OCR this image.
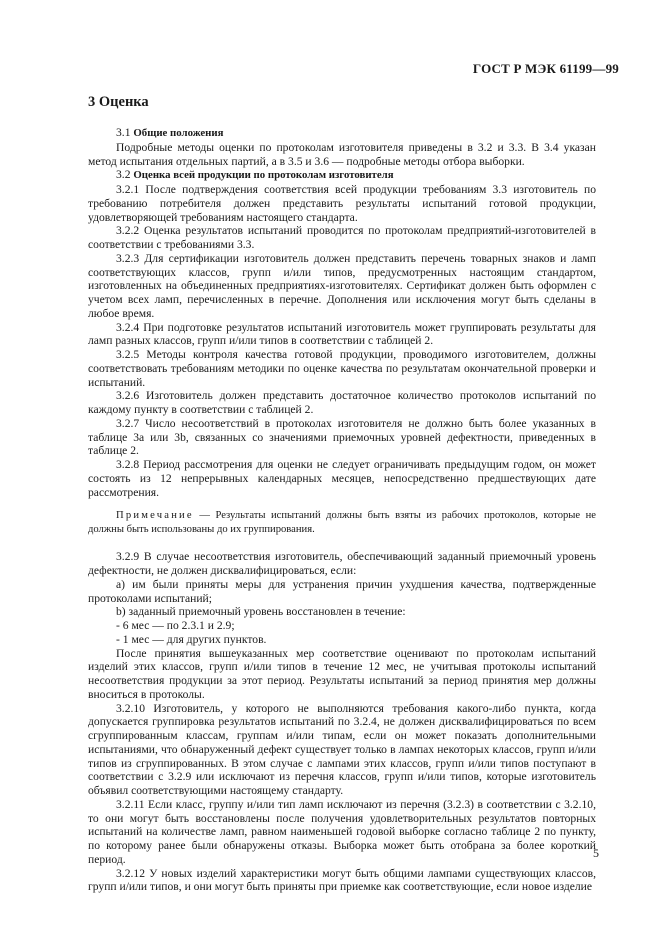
ГОСТ Р МЭК 61199—99
3 Оценка

3.1 Общие положения

Подробные методы оценки по протоколам изготовителя приведены в 3.2 и 3.3. В 3.4 указан метод испытания отдельных партий, а в 3.5 и 3.6 — подробные методы отбора выборки.

3.2 Оценка всей продукции по протоколам изготовителя

3.2.1 После подтверждения соответствия всей продукции требованиям 3.3 изготовитель по требованию потребителя должен представить результаты испытаний готовой продукции, удовлетворяющей требованиям настоящего стандарта.

3.2.2 Оценка результатов испытаний проводится по протоколам предприятий-изготовителей в соответствии с требованиями 3.3.

3.2.3 Для сертификации изготовитель должен представить перечень товарных знаков и ламп соответствующих классов, групп и/или типов, предусмотренных настоящим стандартом, изготовленных на объединенных предприятиях-изготовителях. Сертификат должен быть оформлен с учетом всех ламп, перечисленных в перечне. Дополнения или исключения могут быть сделаны в любое время.

3.2.4 При подготовке результатов испытаний изготовитель может группировать результаты для ламп разных классов, групп и/или типов в соответствии с таблицей 2.

3.2.5 Методы контроля качества готовой продукции, проводимого изготовителем, должны соответствовать требованиям методики по оценке качества по результатам окончательной проверки и испытаний.

3.2.6 Изготовитель должен представить достаточное количество протоколов испытаний по каждому пункту в соответствии с таблицей 2.

3.2.7 Число несоответствий в протоколах изготовителя не должно быть более указанных в таблице 3a или 3b, связанных со значениями приемочных уровней дефектности, приведенных в таблице 2.

3.2.8 Период рассмотрения для оценки не следует ограничивать предыдущим годом, он может состоять из 12 непрерывных календарных месяцев, непосредственно предшествующих дате рассмотрения.

Примечание — Результаты испытаний должны быть взяты из рабочих протоколов, которые не должны быть использованы до их группирования.

3.2.9 В случае несоответствия изготовитель, обеспечивающий заданный приемочный уровень дефектности, не должен дисквалифицироваться, если:

a) им были приняты меры для устранения причин ухудшения качества, подтвержденные протоколами испытаний;

b) заданный приемочный уровень восстановлен в течение:

- 6 мес — по 2.3.1 и 2.9;

- 1 мес — для других пунктов.

После принятия вышеуказанных мер соответствие оценивают по протоколам испытаний изделий этих классов, групп и/или типов в течение 12 мес, не учитывая протоколы испытаний несоответствия продукции за этот период. Результаты испытаний за период принятия мер должны вноситься в протоколы.

3.2.10 Изготовитель, у которого не выполняются требования какого-либо пункта, когда допускается группировка результатов испытаний по 3.2.4, не должен дисквалифицироваться по всем сгруппированным классам, группам и/или типам, если он может показать дополнительными испытаниями, что обнаруженный дефект существует только в лампах некоторых классов, групп и/или типов из сгруппированных. В этом случае с лампами этих классов, групп и/или типов поступают в соответствии с 3.2.9 или исключают из перечня классов, групп и/или типов, которые изготовитель объявил соответствующими настоящему стандарту.

3.2.11 Если класс, группу и/или тип ламп исключают из перечня (3.2.3) в соответствии с 3.2.10, то они могут быть восстановлены после получения удовлетворительных результатов повторных испытаний на количестве ламп, равном наименьшей годовой выборке согласно таблице 2 по пункту, по которому ранее были обнаружены отказы. Выборка может быть отобрана за более короткий период.

3.2.12 У новых изделий характеристики могут быть общими лампами существующих классов, групп и/или типов, и они могут быть приняты при приемке как соответствующие, если новое изделие

5
